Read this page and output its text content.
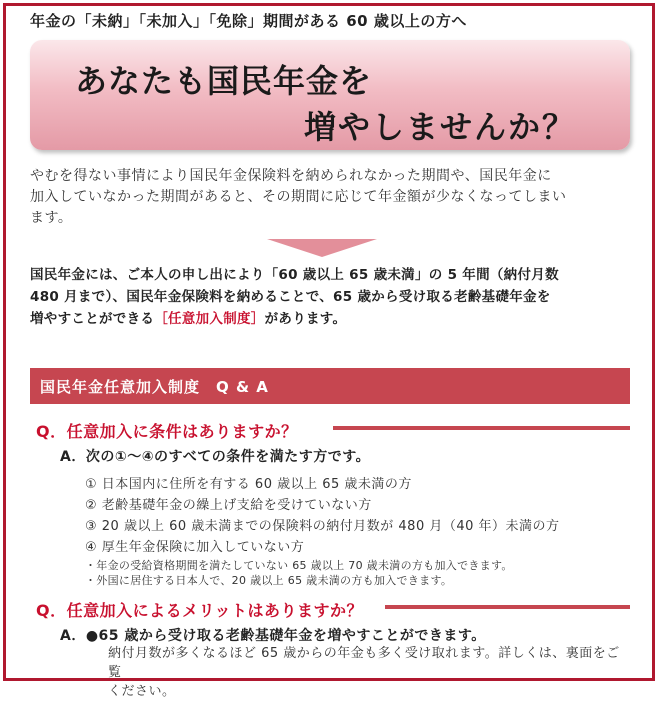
年金の「未納」「未加入」「免除」期間がある 60 歳以上の方へ
あなたも国民年金を
増やしませんか？
やむを得ない事情により国民年金保険料を納められなかった期間や、国民年金に
加入していなかった期間があると、その期間に応じて年金額が少なくなってしまい
ます。
国民年金には、ご本人の申し出により「60 歳以上 65 歳未満」の 5 年間（納付月数
480 月まで）、国民年金保険料を納めることで、65 歳から受け取る老齢基礎年金を
増やすことができる［任意加入制度］があります。
国民年金任意加入制度　Q & A
Q．任意加入に条件はありますか？
A．次の①～④のすべての条件を満たす方です。
① 日本国内に住所を有する 60 歳以上 65 歳未満の方
② 老齢基礎年金の繰上げ支給を受けていない方
③ 20 歳以上 60 歳未満までの保険料の納付月数が 480 月（40 年）未満の方
④ 厚生年金保険に加入していない方
・年金の受給資格期間を満たしていない 65 歳以上 70 歳未満の方も加入できます。
・外国に居住する日本人で、20 歳以上 65 歳未満の方も加入できます。
Q．任意加入によるメリットはありますか？
A．●65 歳から受け取る老齢基礎年金を増やすことができます。
納付月数が多くなるほど 65 歳からの年金も多く受け取れます。詳しくは、裏面をご覧
ください。
